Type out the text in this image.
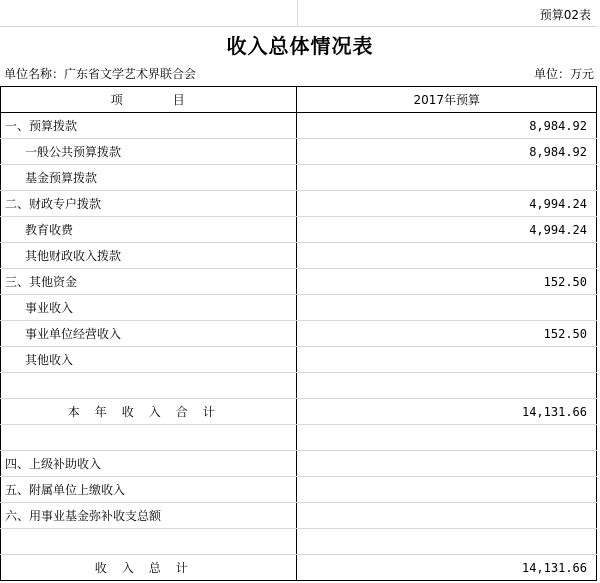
预算02表
收入总体情况表
单位名称：广东省文学艺术界联合会	单位：万元
项 目	2017年预算
一、预算拨款	8,984.92
一般公共预算拨款	8,984.92
基金预算拨款	
二、财政专户拨款	4,994.24
教育收费	4,994.24
其他财政收入拨款	
三、其他资金	152.50
事业收入	
事业单位经营收入	152.50
其他收入	

本年收入合计	14,131.66

四、上级补助收入	
五、附属单位上缴收入	
六、用事业基金弥补收支总额	

收入总计	14,131.66
